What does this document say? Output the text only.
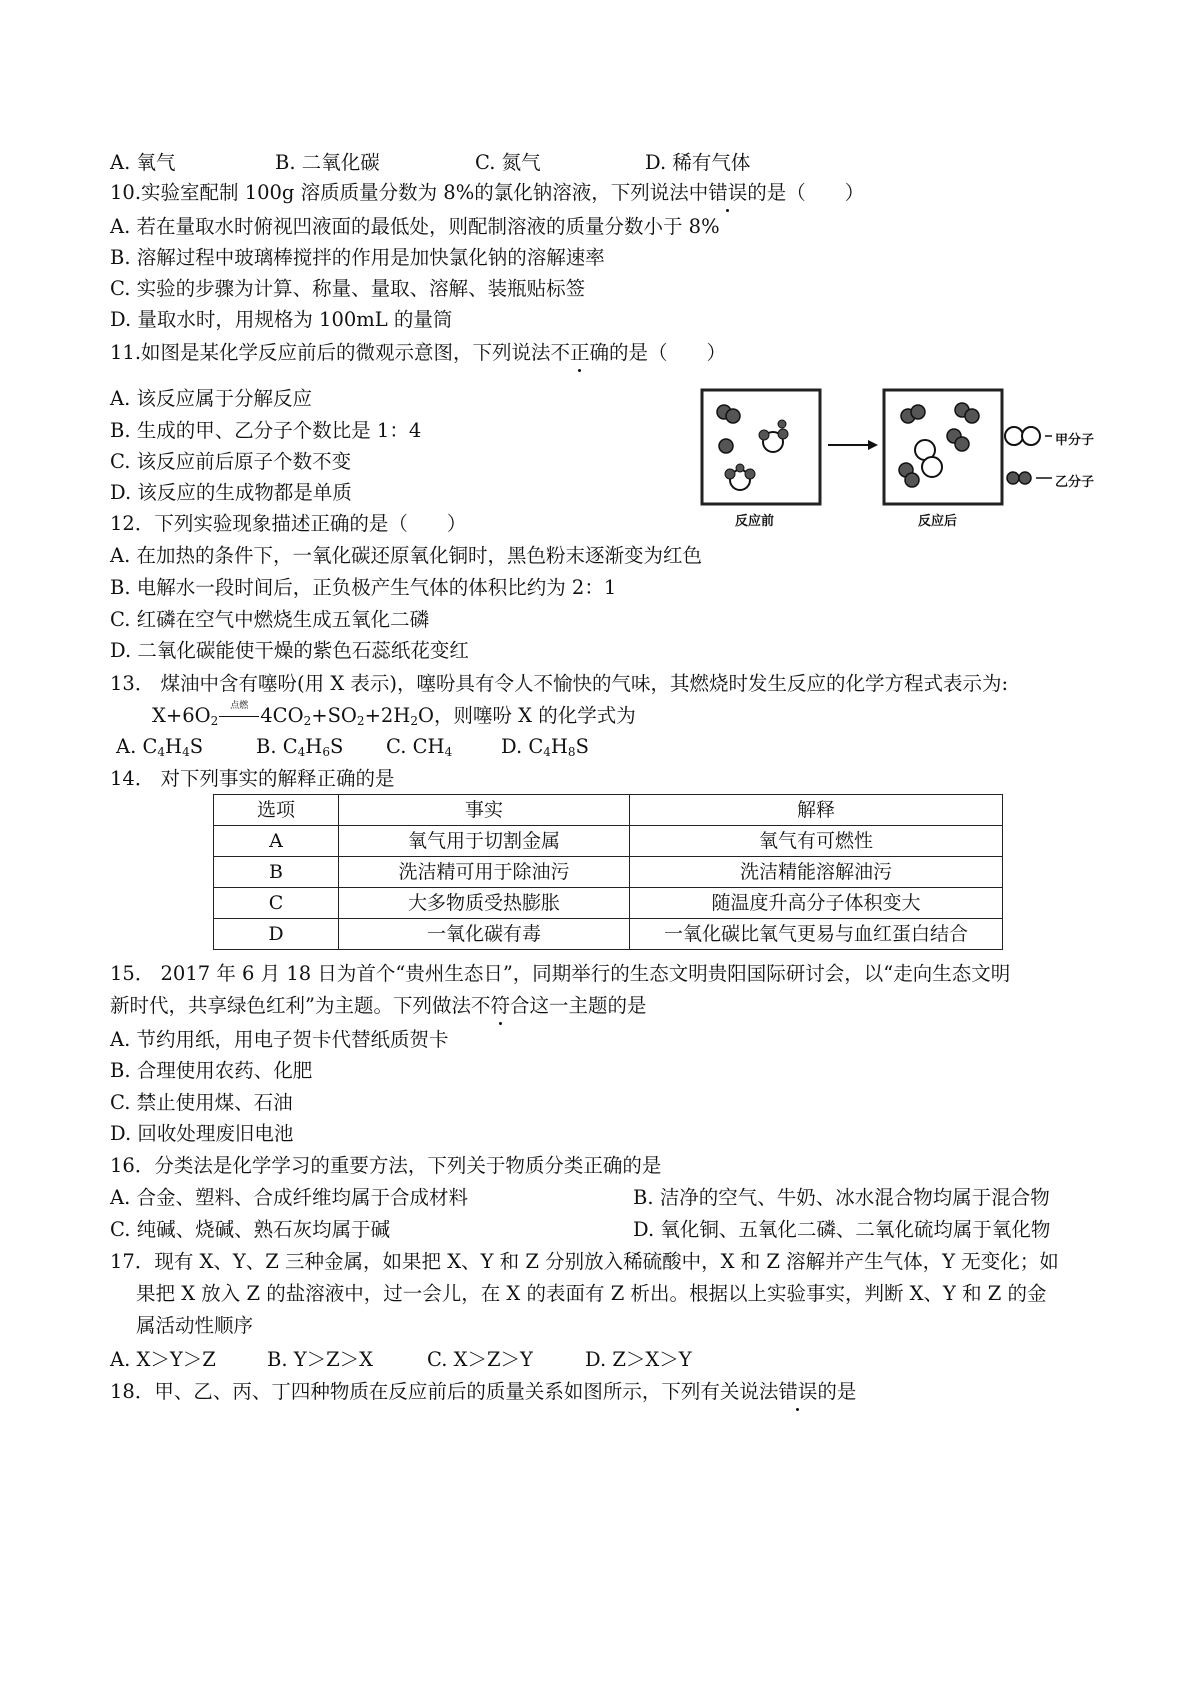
A. 氧气	B. 二氧化碳	C. 氮气	D. 稀有气体
10.实验室配制 100g 溶质质量分数为 8%的氯化钠溶液，下列说法中错误的是（　　）
A. 若在量取水时俯视凹液面的最低处，则配制溶液的质量分数小于 8%
B. 溶解过程中玻璃棒搅拌的作用是加快氯化钠的溶解速率
C. 实验的步骤为计算、称量、量取、溶解、装瓶贴标签
D. 量取水时，用规格为 100mL 的量筒
11.如图是某化学反应前后的微观示意图，下列说法不正确的是（　　）
A. 该反应属于分解反应
B. 生成的甲、乙分子个数比是 1：4
C. 该反应前后原子个数不变
D. 该反应的生成物都是单质
甲分子
乙分子
反应前	反应后
12．下列实验现象描述正确的是（　　）
A. 在加热的条件下，一氧化碳还原氧化铜时，黑色粉末逐渐变为红色
B. 电解水一段时间后，正负极产生气体的体积比约为 2：1
C. 红磷在空气中燃烧生成五氧化二磷
D. 二氧化碳能使干燥的紫色石蕊纸花变红
13． 煤油中含有噻吩(用 X 表示)，噻吩具有令人不愉快的气味，其燃烧时发生反应的化学方程式表示为:
$X+6O_2$
点燃 $4CO_2+SO_2+2H_2O$，则噻吩 X 的化学式为
A. C4H4S	B. C4H6S C. CH4	D. C4H8S
14． 对下列事实的解释正确的是
选项	事实	解释
A	氧气用于切割金属	氧气有可燃性
B	洗洁精可用于除油污	洗洁精能溶解油污
C	大多物质受热膨胀	随温度升高分子体积变大
D	一氧化碳有毒	一氧化碳比氧气更易与血红蛋白结合
15． 2017 年 6 月 18 日为首个“贵州生态日”，同期举行的生态文明贵阳国际研讨会，以“走向生态文明
新时代，共享绿色红利”为主题。下列做法不符合这一主题的是
A. 节约用纸，用电子贺卡代替纸质贺卡
B. 合理使用农药、化肥
C. 禁止使用煤、石油
D. 回收处理废旧电池
16．分类法是化学学习的重要方法，下列关于物质分类正确的是
A. 合金、塑料、合成纤维均属于合成材料	B. 洁净的空气、牛奶、冰水混合物均属于混合物
C. 纯碱、烧碱、熟石灰均属于碱	D. 氧化铜、五氧化二磷、二氧化硫均属于氧化物
17．现有 X、Y、Z 三种金属，如果把 X、Y 和 Z 分别放入稀硫酸中，X 和 Z 溶解并产生气体，Y 无变化；如
果把 X 放入 Z 的盐溶液中，过一会儿，在 X 的表面有 Z 析出。根据以上实验事实，判断 X、Y 和 Z 的金
属活动性顺序
A. X＞Y＞Z	B. Y＞Z＞X	C. X＞Z＞Y	D. Z＞X＞Y
18．甲、乙、丙、丁四种物质在反应前后的质量关系如图所示，下列有关说法错误的是
